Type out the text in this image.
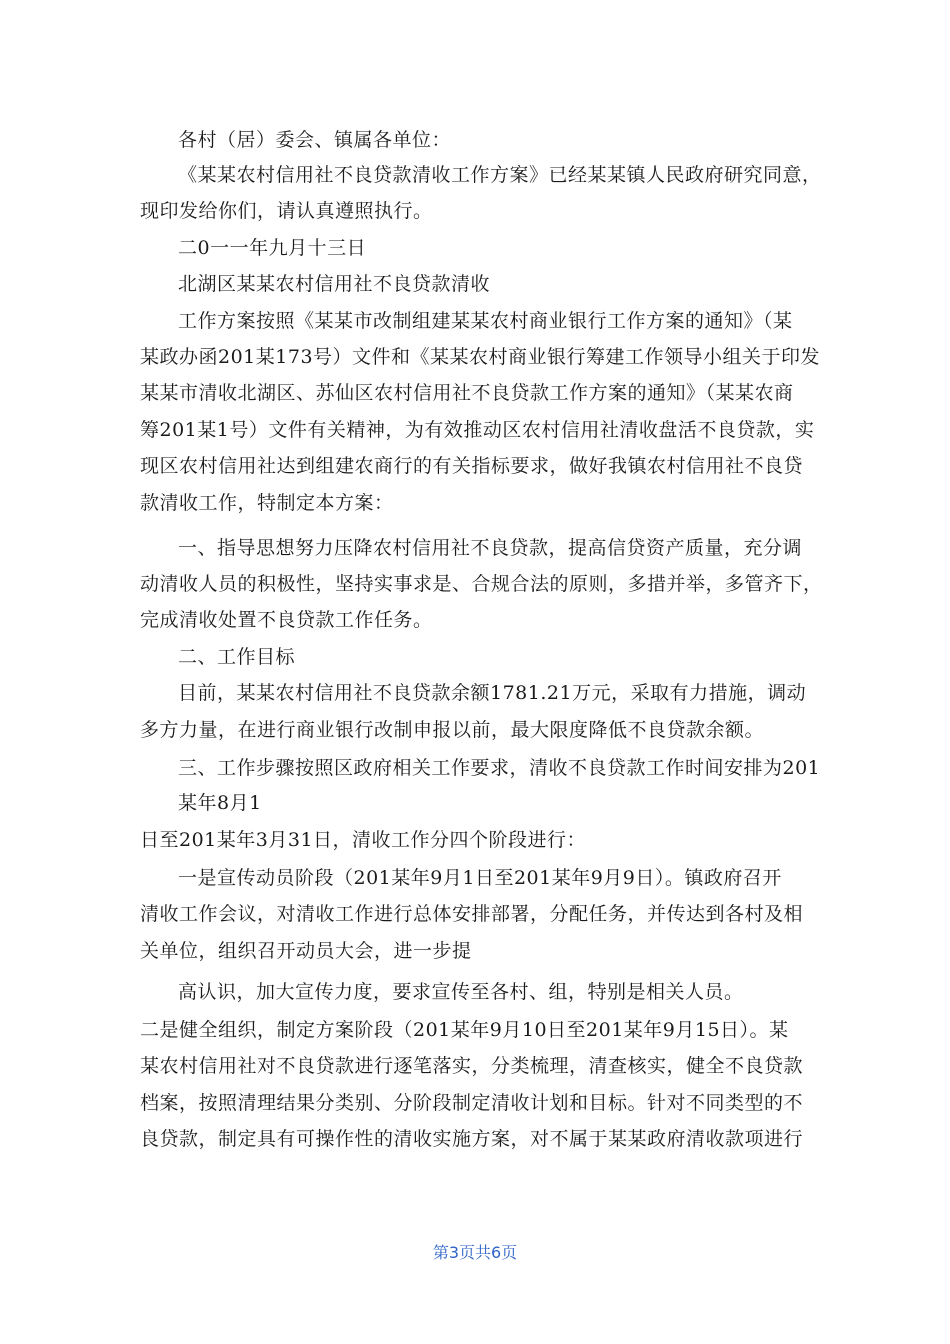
各村（居）委会、镇属各单位：
《某某农村信用社不良贷款清收工作方案》已经某某镇人民政府研究同意，
现印发给你们，请认真遵照执行。
二0一一年九月十三日
北湖区某某农村信用社不良贷款清收
工作方案按照《某某市改制组建某某农村商业银行工作方案的通知》（某
某政办函201某173号）文件和《某某农村商业银行筹建工作领导小组关于印发
某某市清收北湖区、苏仙区农村信用社不良贷款工作方案的通知》（某某农商
筹201某1号）文件有关精神，为有效推动区农村信用社清收盘活不良贷款，实
现区农村信用社达到组建农商行的有关指标要求，做好我镇农村信用社不良贷
款清收工作，特制定本方案：
一、指导思想努力压降农村信用社不良贷款，提高信贷资产质量，充分调
动清收人员的积极性，坚持实事求是、合规合法的原则，多措并举，多管齐下，
完成清收处置不良贷款工作任务。
二、工作目标
目前，某某农村信用社不良贷款余额1781.21万元，采取有力措施，调动
多方力量，在进行商业银行改制申报以前，最大限度降低不良贷款余额。
三、工作步骤按照区政府相关工作要求，清收不良贷款工作时间安排为201
某年8月1
日至201某年3月31日，清收工作分四个阶段进行：
一是宣传动员阶段（201某年9月1日至201某年9月9日）。镇政府召开
清收工作会议，对清收工作进行总体安排部署，分配任务，并传达到各村及相
关单位，组织召开动员大会，进一步提
高认识，加大宣传力度，要求宣传至各村、组，特别是相关人员。
二是健全组织，制定方案阶段（201某年9月10日至201某年9月15日）。某
某农村信用社对不良贷款进行逐笔落实，分类梳理，清查核实，健全不良贷款
档案，按照清理结果分类别、分阶段制定清收计划和目标。针对不同类型的不
良贷款，制定具有可操作性的清收实施方案，对不属于某某政府清收款项进行
第3页共6页
